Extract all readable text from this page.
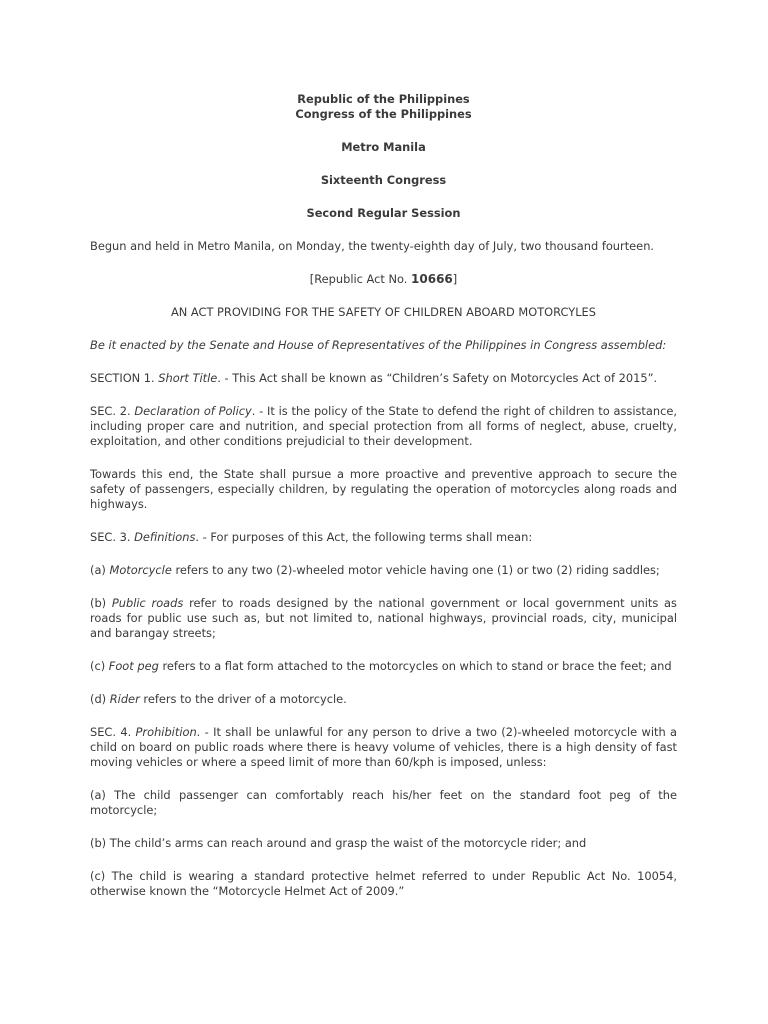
Republic of the Philippines

Congress of the Philippines

Metro Manila

Sixteenth Congress

Second Regular Session

Begun and held in Metro Manila, on Monday, the twenty-eighth day of July, two thousand fourteen.

[Republic Act No. 10666]

AN ACT PROVIDING FOR THE SAFETY OF CHILDREN ABOARD MOTORCYLES

Be it enacted by the Senate and House of Representatives of the Philippines in Congress assembled:

SECTION 1. Short Title. - This Act shall be known as “Children’s Safety on Motorcycles Act of 2015”.

SEC. 2. Declaration of Policy. - It is the policy of the State to defend the right of children to assistance, including proper care and nutrition, and special protection from all forms of neglect, abuse, cruelty, exploitation, and other conditions prejudicial to their development.

Towards this end, the State shall pursue a more proactive and preventive approach to secure the safety of passengers, especially children, by regulating the operation of motorcycles along roads and highways.

SEC. 3. Definitions. - For purposes of this Act, the following terms shall mean:

(a) Motorcycle refers to any two (2)-wheeled motor vehicle having one (1) or two (2) riding saddles;

(b) Public roads refer to roads designed by the national government or local government units as roads for public use such as, but not limited to, national highways, provincial roads, city, municipal and barangay streets;

(c) Foot peg refers to a flat form attached to the motorcycles on which to stand or brace the feet; and

(d) Rider refers to the driver of a motorcycle.

SEC. 4. Prohibition. - It shall be unlawful for any person to drive a two (2)-wheeled motorcycle with a child on board on public roads where there is heavy volume of vehicles, there is a high density of fast moving vehicles or where a speed limit of more than 60/kph is imposed, unless:

(a) The child passenger can comfortably reach his/her feet on the standard foot peg of the motorcycle;

(b) The child’s arms can reach around and grasp the waist of the motorcycle rider; and

(c) The child is wearing a standard protective helmet referred to under Republic Act No. 10054, otherwise known the “Motorcycle Helmet Act of 2009.”
